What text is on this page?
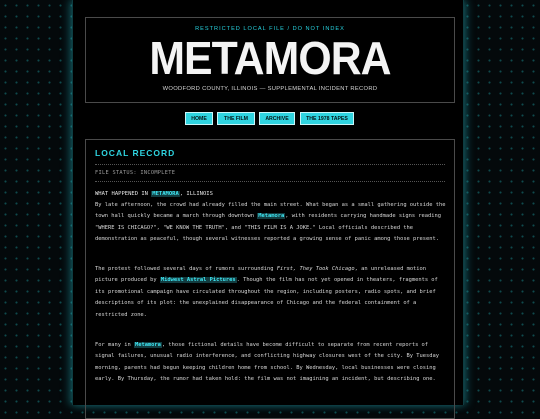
RESTRICTED LOCAL FILE / DO NOT INDEX
METAMORA
WOODFORD COUNTY, ILLINOIS — SUPPLEMENTAL INCIDENT RECORD
HOME	THE FILM	ARCHIVE	THE 1978 TAPES
LOCAL RECORD
FILE STATUS: INCOMPLETE
WHAT HAPPENED IN METAMORA, ILLINOIS

By late afternoon, the crowd had already filled the main street. What began as a small gathering outside the town hall quickly became a march through downtown Metamora, with residents carrying handmade signs reading "WHERE IS CHICAGO?", "WE KNOW THE TRUTH", and "THIS FILM IS A JOKE." Local officials described the demonstration as peaceful, though several witnesses reported a growing sense of panic among those present.

The protest followed several days of rumors surrounding First, They Took Chicago, an unreleased motion picture produced by Midwest Astral Pictures. Though the film has not yet opened in theaters, fragments of its promotional campaign have circulated throughout the region, including posters, radio spots, and brief descriptions of its plot: the unexplained disappearance of Chicago and the federal containment of a restricted zone.

For many in Metamora, those fictional details have become difficult to separate from recent reports of signal failures, unusual radio interference, and conflicting highway closures west of the city. By Tuesday morning, parents had begun keeping children home from school. By Wednesday, local businesses were closing early. By Thursday, the rumor had taken hold: the film was not imagining an incident, but describing one.
